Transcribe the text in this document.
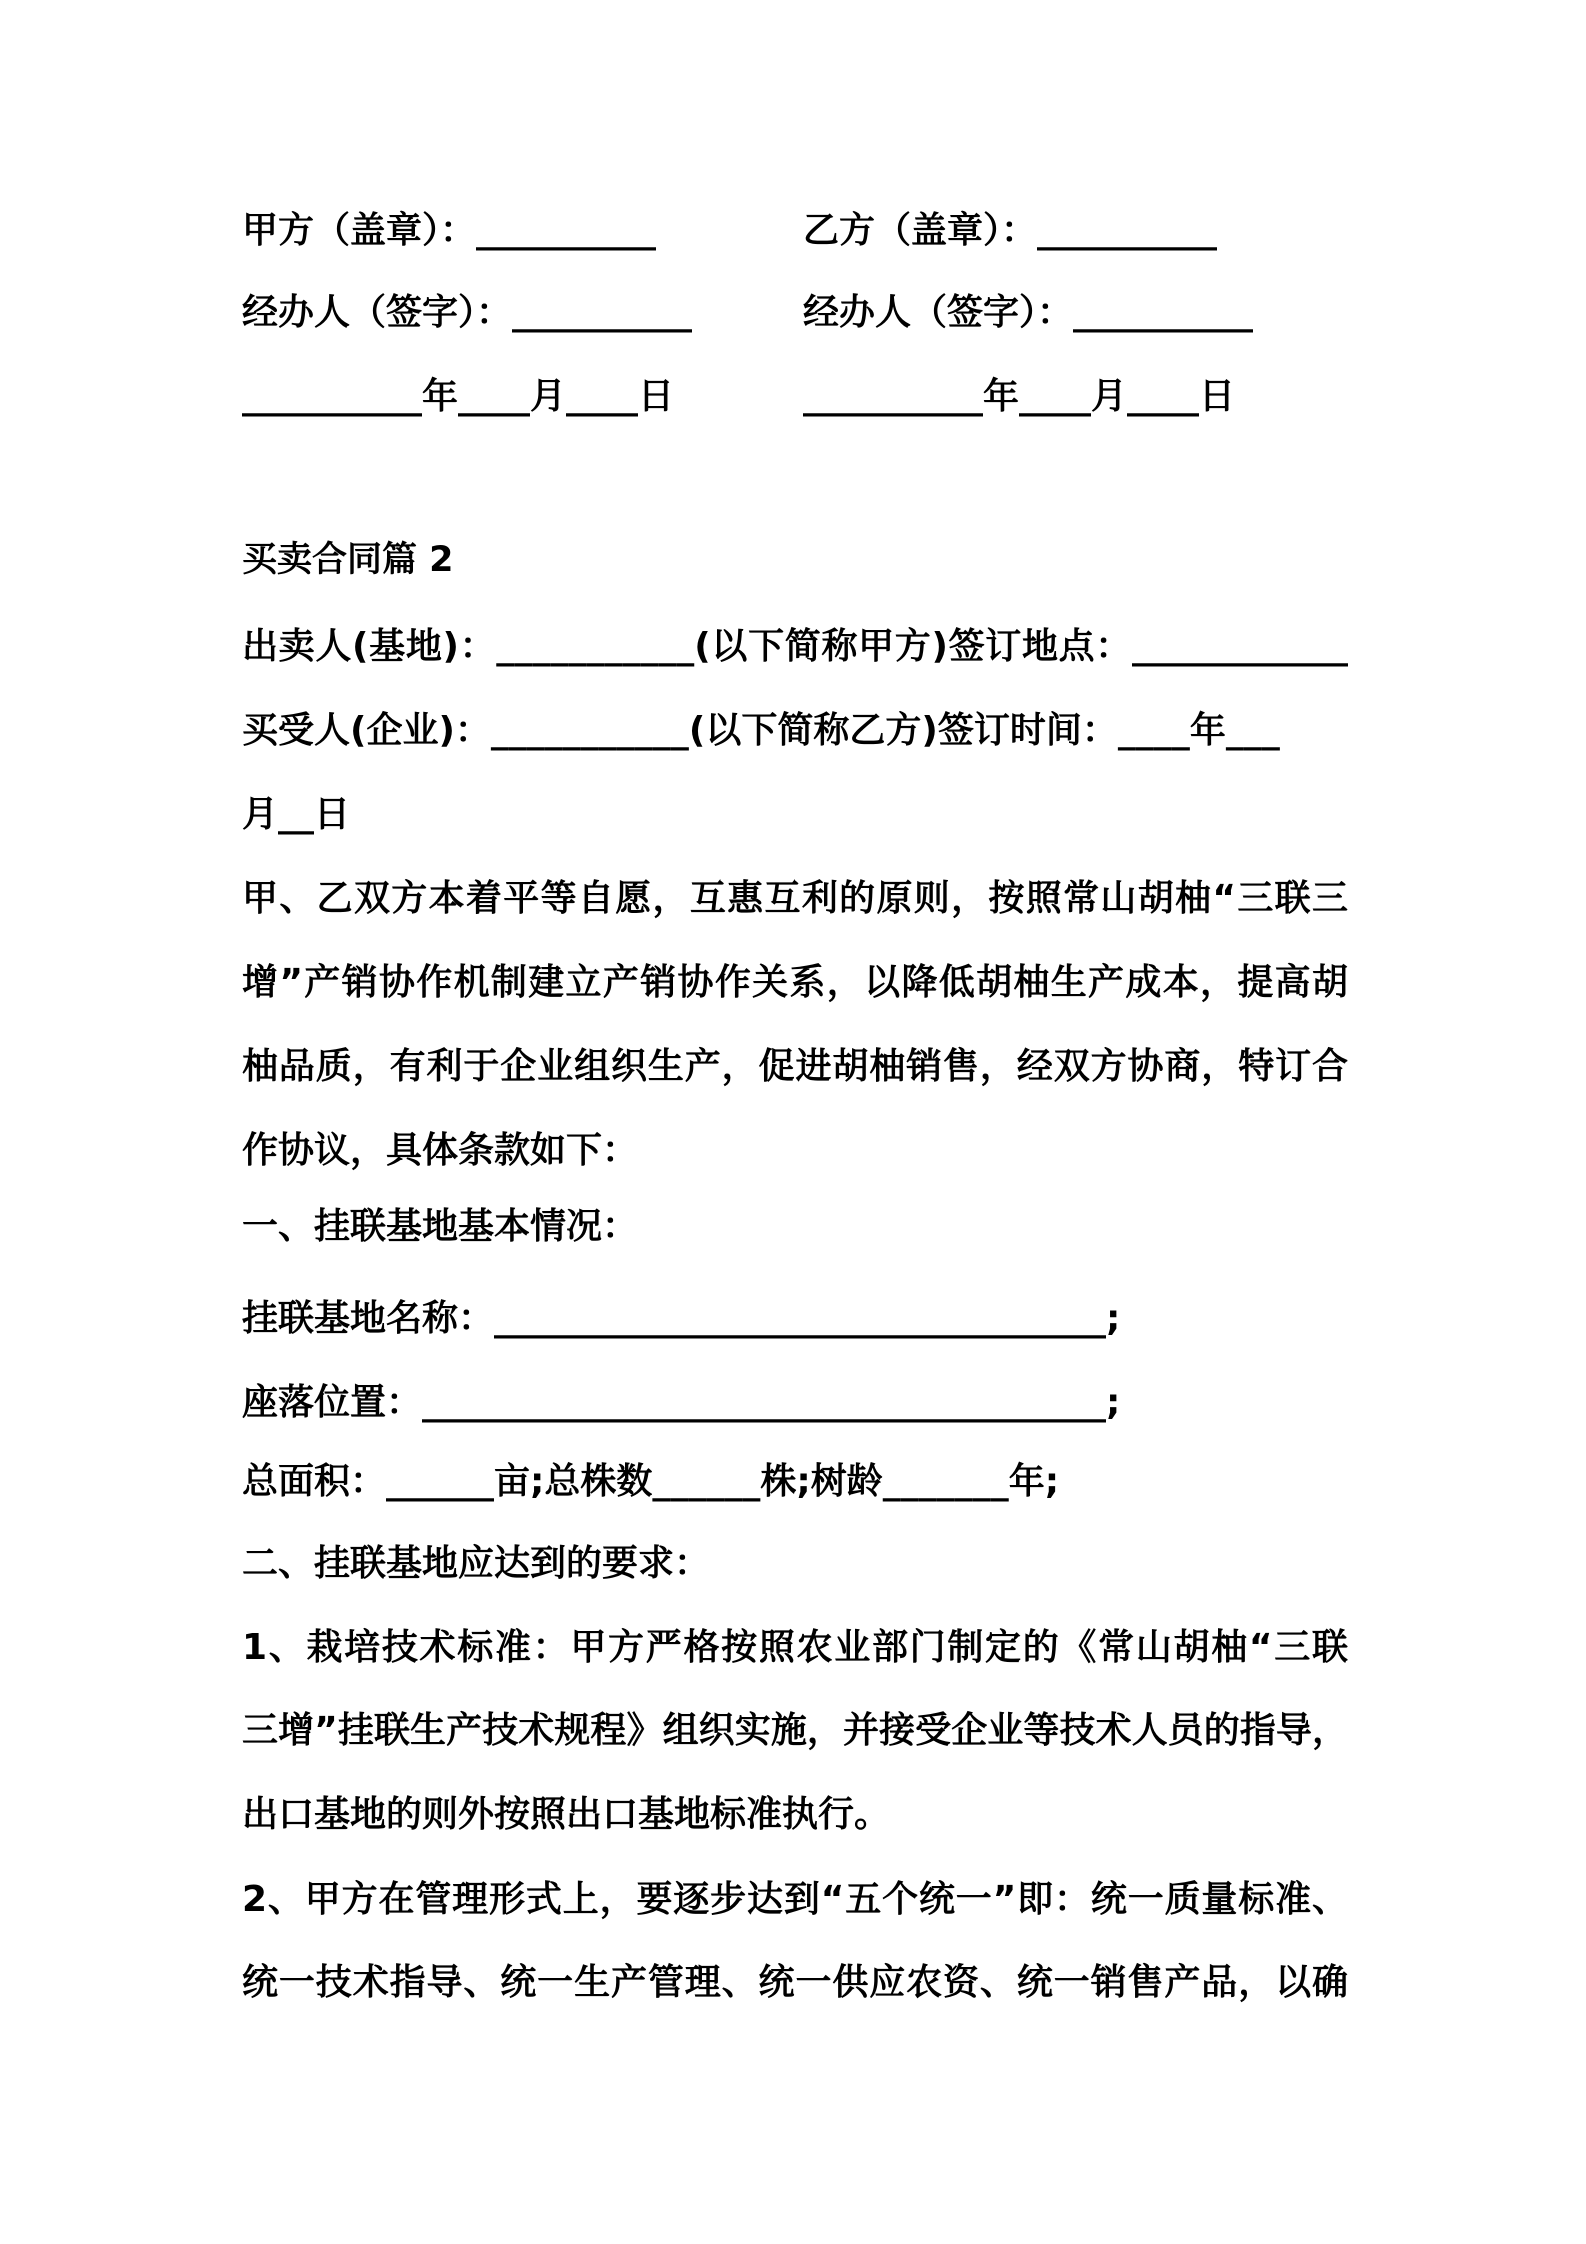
甲方（盖章）：__________	乙方（盖章）：__________
经办人（签字）：__________	经办人（签字）：__________
__________年____月____日	__________年____月____日
买卖合同篇 2
出卖人(基地)：___________(以下简称甲方)签订地点：____________
买受人(企业)：___________(以下简称乙方)签订时间：____年___
月__日
甲、乙双方本着平等自愿，互惠互利的原则，按照常山胡柚“三联三
增”产销协作机制建立产销协作关系，以降低胡柚生产成本，提高胡
柚品质，有利于企业组织生产，促进胡柚销售，经双方协商，特订合
作协议，具体条款如下：
一、挂联基地基本情况：
挂联基地名称：__________________________________;
座落位置：______________________________________;
总面积：______亩;总株数______株;树龄_______年;
二、挂联基地应达到的要求：
1、栽培技术标准：甲方严格按照农业部门制定的《常山胡柚“三联
三增”挂联生产技术规程》组织实施，并接受企业等技术人员的指导，
出口基地的则外按照出口基地标准执行。
2、甲方在管理形式上，要逐步达到“五个统一”即：统一质量标准、
统一技术指导、统一生产管理、统一供应农资、统一销售产品，以确
